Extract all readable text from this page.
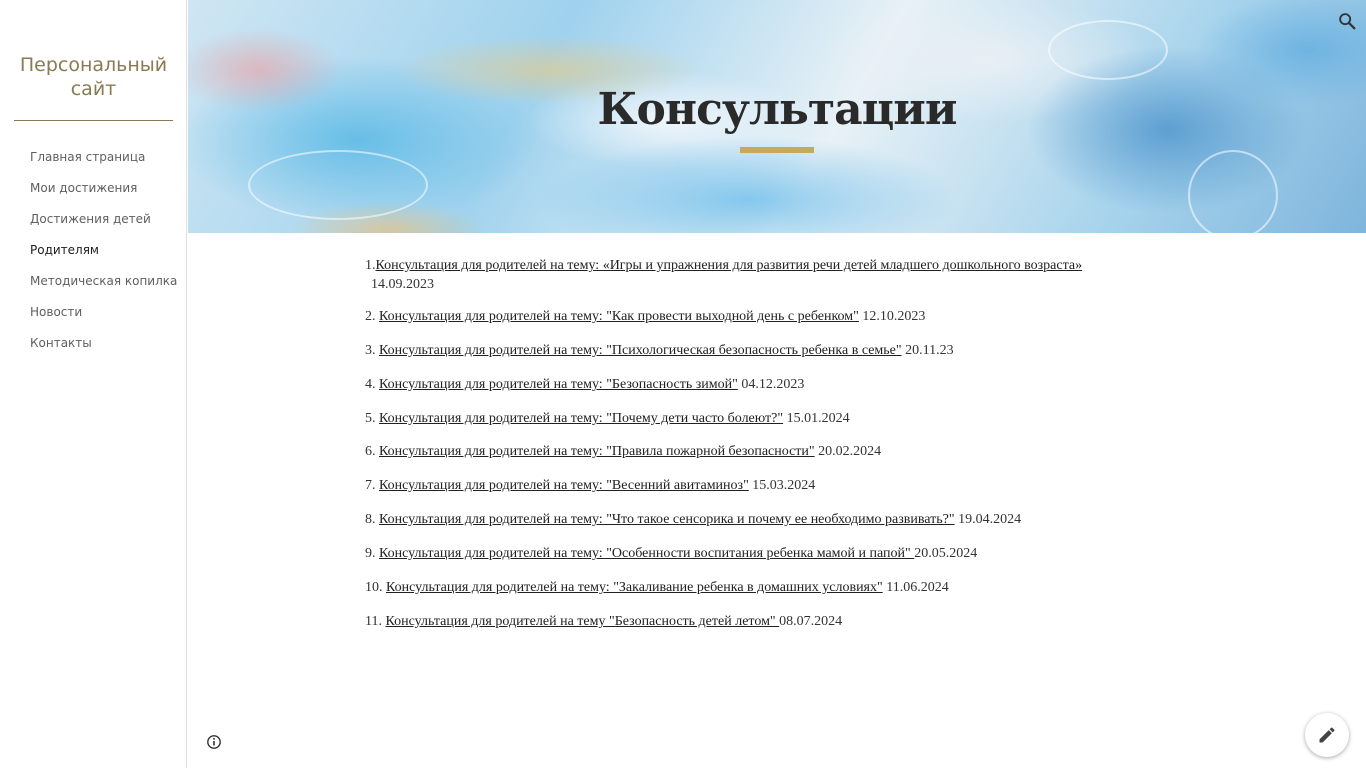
Персональный сайт
Главная страница
Мои достижения
Достижения детей
Родителям
Методическая копилка
Новости
Контакты
Консультации
1.Консультация для родителей на тему: «Игры и упражнения для развития речи детей младшего дошкольного возраста»
14.09.2023
2. Консультация для родителей на тему: "Как провести выходной день с ребенком" 12.10.2023
3. Консультация для родителей на тему: "Психологическая безопасность ребенка в семье" 20.11.23
4. Консультация для родителей на тему: "Безопасность зимой" 04.12.2023
5. Консультация для родителей на тему: "Почему дети часто болеют?" 15.01.2024
6. Консультация для родителей на тему: "Правила пожарной безопасности" 20.02.2024
7. Консультация для родителей на тему: "Весенний авитаминоз" 15.03.2024
8. Консультация для родителей на тему: "Что такое сенсорика и почему ее необходимо развивать?" 19.04.2024
9. Консультация для родителей на тему: "Особенности воспитания ребенка мамой и папой" 20.05.2024
10. Консультация для родителей на тему: "Закаливание ребенка в домашних условиях" 11.06.2024
11. Консультация для родителей на тему "Безопасность детей летом" 08.07.2024
